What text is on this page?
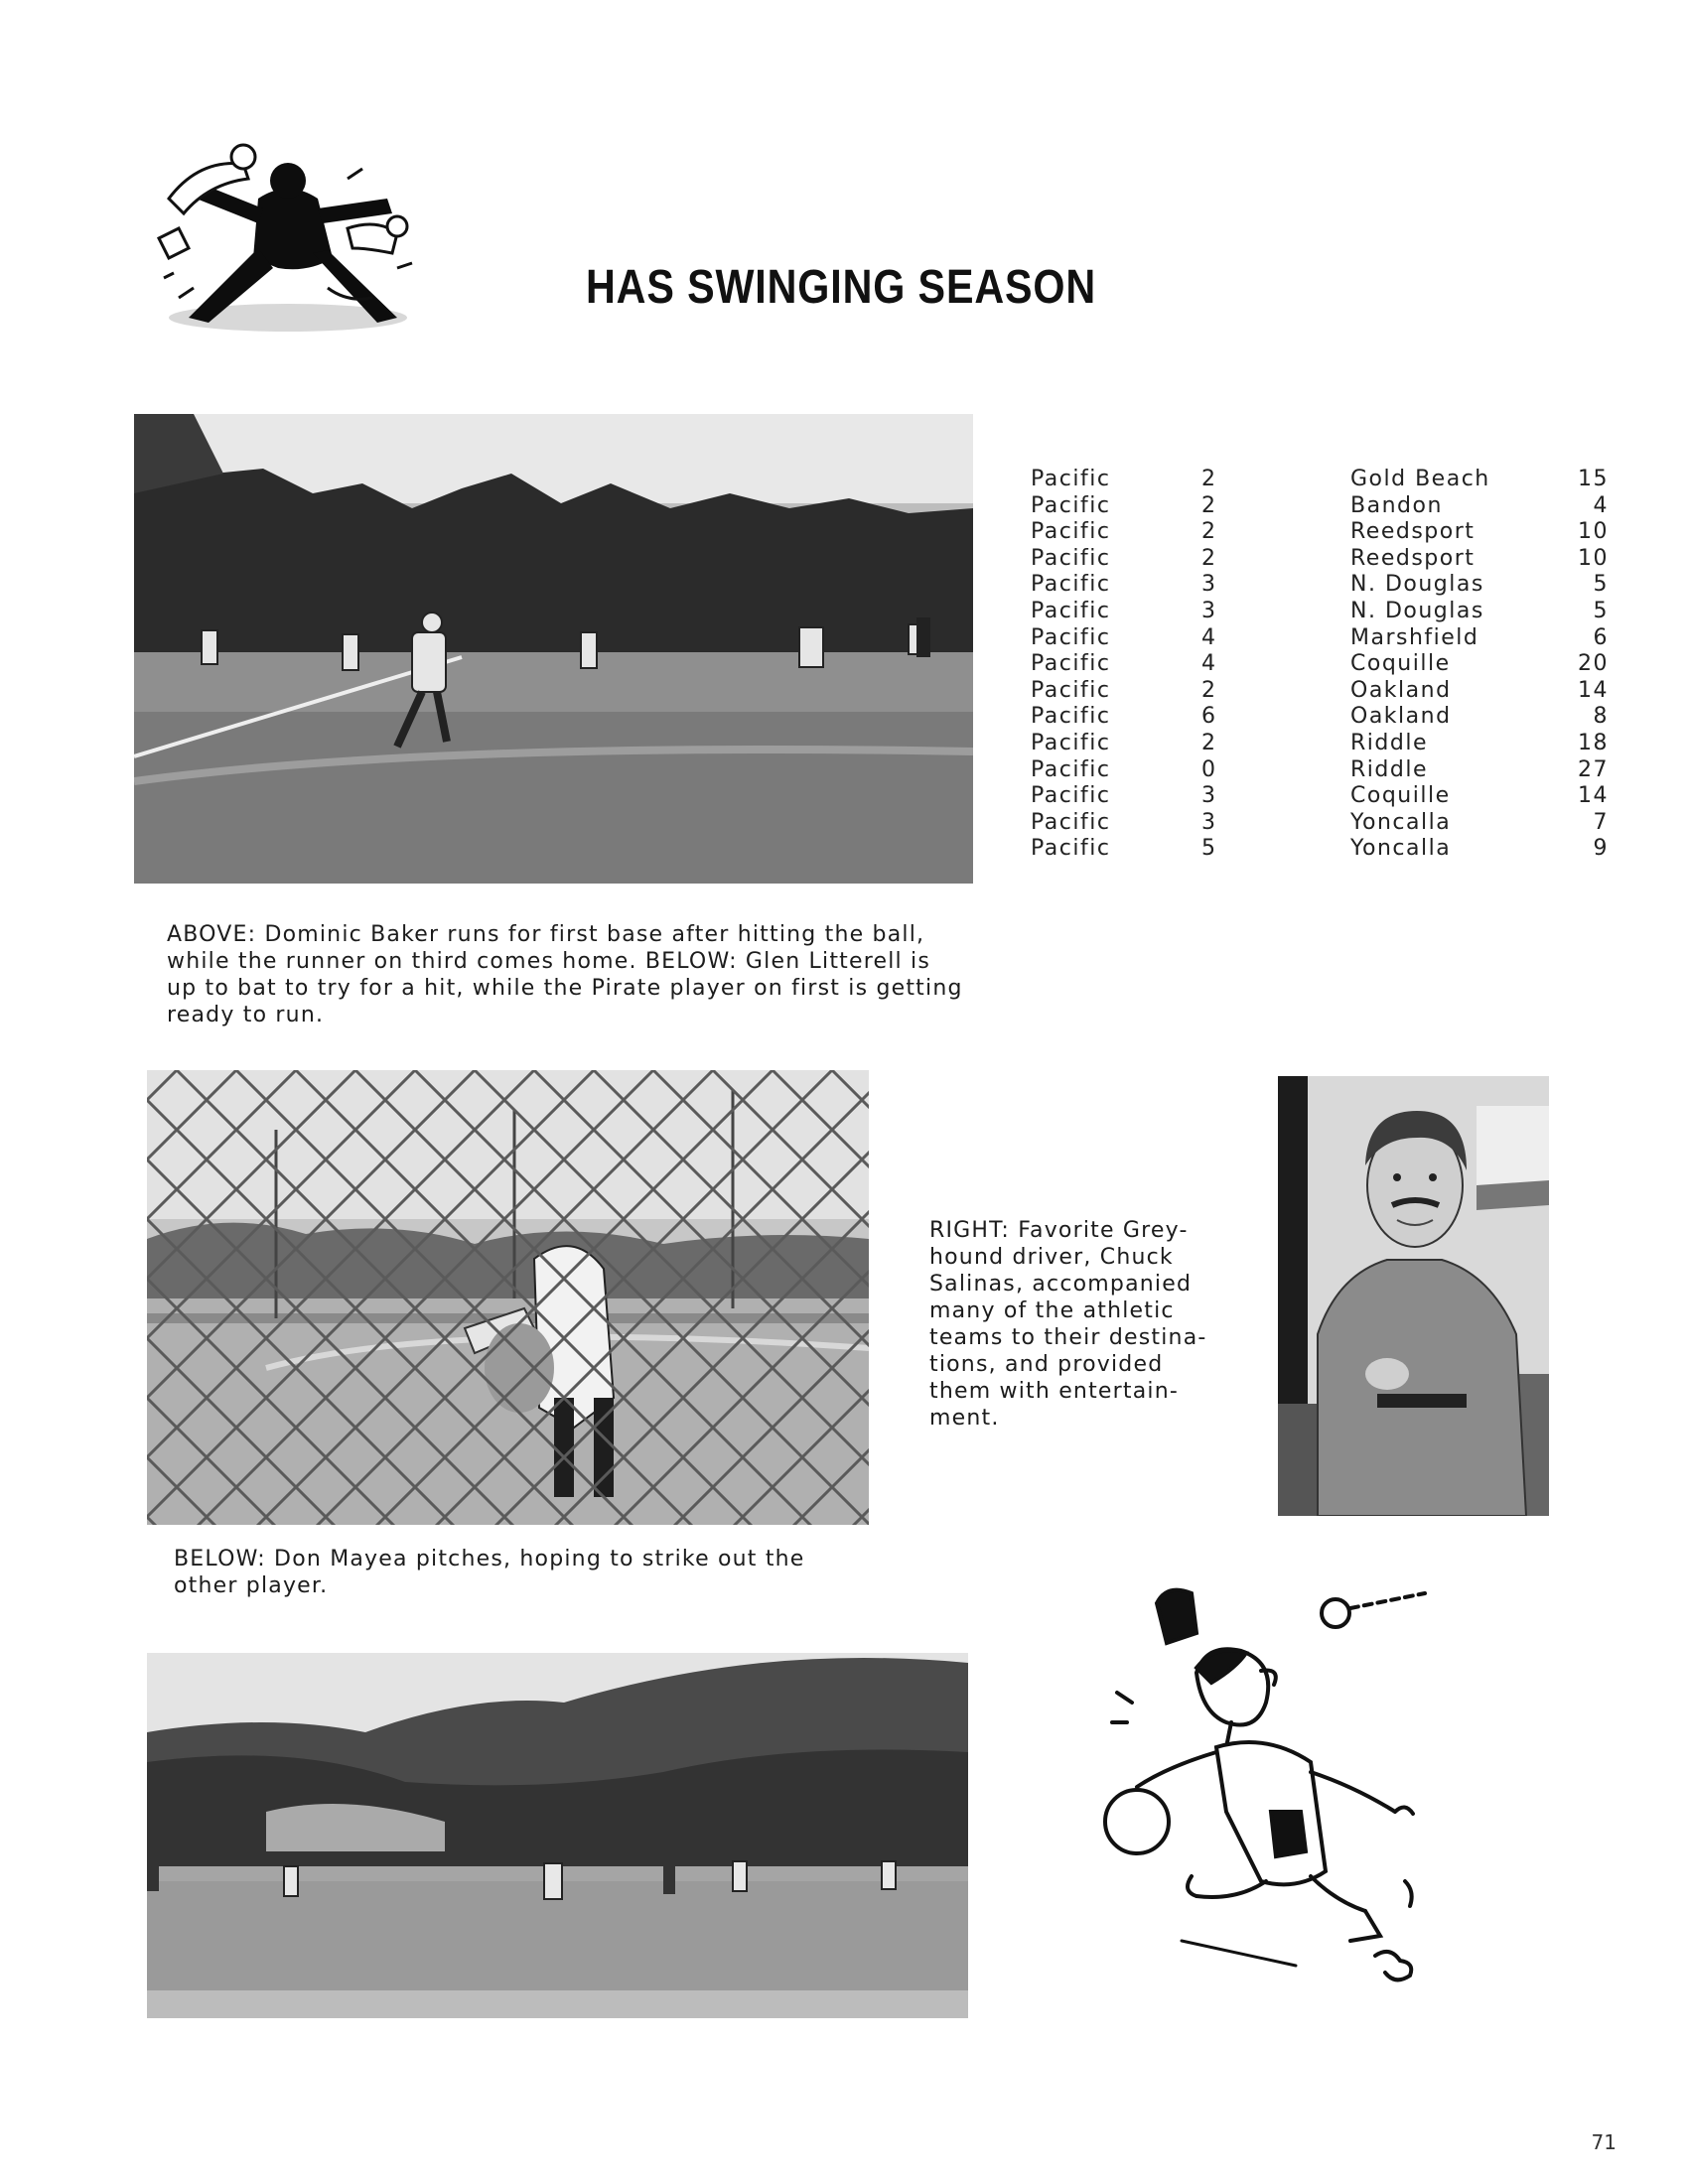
HAS SWINGING SEASON
Pacific	2	Gold Beach	15
Pacific	2	Bandon	4
Pacific	2	Reedsport	10
Pacific	2	Reedsport	10
Pacific	3	N. Douglas	5
Pacific	3	N. Douglas	5
Pacific	4	Marshfield	6
Pacific	4	Coquille	20
Pacific	2	Oakland	14
Pacific	6	Oakland	8
Pacific	2	Riddle	18
Pacific	0	Riddle	27
Pacific	3	Coquille	14
Pacific	3	Yoncalla	7
Pacific	5	Yoncalla	9
ABOVE: Dominic Baker runs for first base after hitting the ball,
while the runner on third comes home. BELOW: Glen Litterell is
up to bat to try for a hit, while the Pirate player on first is getting
ready to run.
RIGHT: Favorite Grey-
hound driver, Chuck
Salinas, accompanied
many of the athletic
teams to their destina-
tions, and provided
them with entertain-
ment.
BELOW: Don Mayea pitches, hoping to strike out the
other player.
71
